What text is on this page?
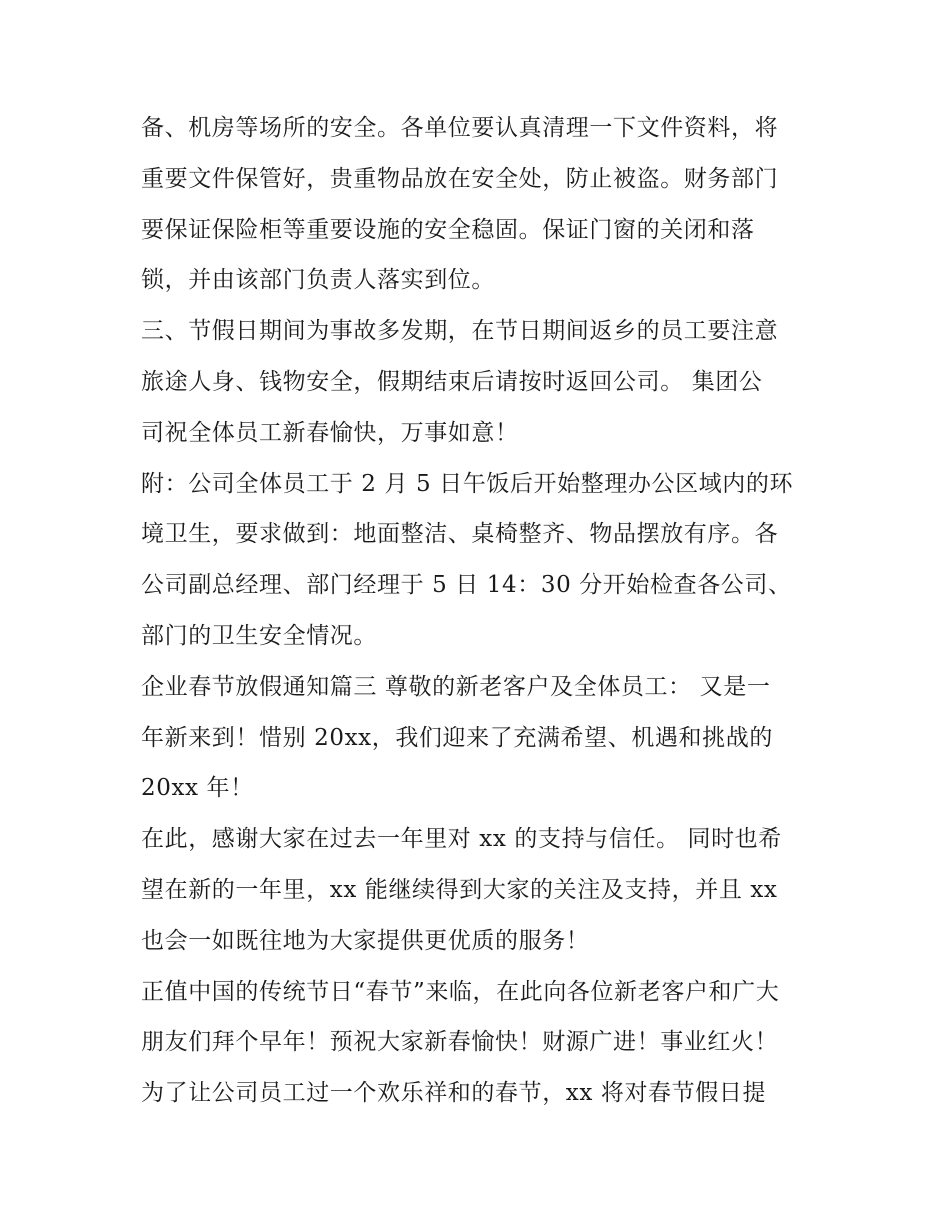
备、机房等场所的安全。各单位要认真清理一下文件资料，将
重要文件保管好，贵重物品放在安全处，防止被盗。财务部门
要保证保险柜等重要设施的安全稳固。保证门窗的关闭和落
锁，并由该部门负责人落实到位。
三、节假日期间为事故多发期，在节日期间返乡的员工要注意
旅途人身、钱物安全，假期结束后请按时返回公司。 集团公
司祝全体员工新春愉快，万事如意！
附：公司全体员工于 2 月 5 日午饭后开始整理办公区域内的环
境卫生，要求做到：地面整洁、桌椅整齐、物品摆放有序。各
公司副总经理、部门经理于 5 日 14：30 分开始检查各公司、
部门的卫生安全情况。
企业春节放假通知篇三 尊敬的新老客户及全体员工： 又是一
年新来到！惜别 20xx，我们迎来了充满希望、机遇和挑战的
20xx 年！
在此，感谢大家在过去一年里对 xx 的支持与信任。 同时也希
望在新的一年里，xx 能继续得到大家的关注及支持，并且 xx
也会一如既往地为大家提供更优质的服务！
正值中国的传统节日“春节”来临，在此向各位新老客户和广大
朋友们拜个早年！预祝大家新春愉快！财源广进！事业红火！
为了让公司员工过一个欢乐祥和的春节，xx 将对春节假日提
